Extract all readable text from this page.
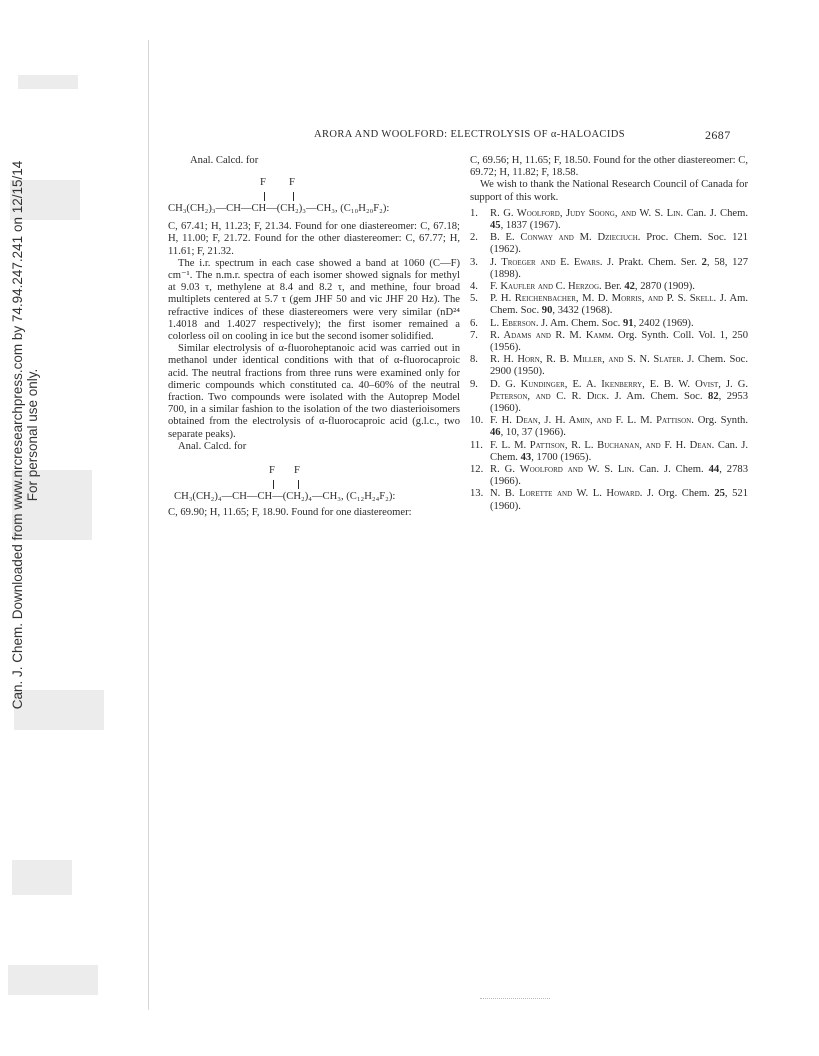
Can. J. Chem. Downloaded from www.nrcresearchpress.com by 74.94.247.241 on 12/15/14 For personal use only.
ARORA AND WOOLFORD: ELECTROLYSIS OF α-HALOACIDS	2687

Anal. Calcd. for

F F
CH₃(CH₂)₃—CH—CH—(CH₂)₃—CH₃, (C₁₀H₂₀F₂):

C, 67.41; H, 11.23; F, 21.34. Found for one diastereomer: C, 67.18; H, 11.00; F, 21.72. Found for the other diastereomer: C, 67.77; H, 11.61; F, 21.32.

The i.r. spectrum in each case showed a band at 1060 (C—F) cm⁻¹. The n.m.r. spectra of each isomer showed signals for methyl at 9.03 τ, methylene at 8.4 and 8.2 τ, and methine, four broad multiplets centered at 5.7 τ (gem JHF 50 and vic JHF 20 Hz). The refractive indices of these diastereomers were very similar (nD²⁴ 1.4018 and 1.4027 respectively); the first isomer remained a colorless oil on cooling in ice but the second isomer solidified.

Similar electrolysis of α-fluoroheptanoic acid was carried out in methanol under identical conditions with that of α-fluorocaproic acid. The neutral fractions from three runs were examined only for dimeric compounds which constituted ca. 40–60% of the neutral fraction. Two compounds were isolated with the Autoprep Model 700, in a similar fashion to the isolation of the two diasterioisomers obtained from the electrolysis of α-fluorocaproic acid (g.l.c., two separate peaks).

Anal. Calcd. for

F F
CH₃(CH₂)₄—CH—CH—(CH₂)₄—CH₃, (C₁₂H₂₄F₂):

C, 69.90; H, 11.65; F, 18.90. Found for one diastereomer:

C, 69.56; H, 11.65; F, 18.50. Found for the other diastereomer: C, 69.72; H, 11.82; F, 18.58.

We wish to thank the National Research Council of Canada for support of this work.

1. R. G. Woolford, Judy Soong, and W. S. Lin. Can. J. Chem. 45, 1837 (1967).
2. B. E. Conway and M. Dzieciuch. Proc. Chem. Soc. 121 (1962).
3. J. Troeger and E. Ewars. J. Prakt. Chem. Ser. 2, 58, 127 (1898).
4. F. Kaufler and C. Herzog. Ber. 42, 2870 (1909).
5. P. H. Reichenbacher, M. D. Morris, and P. S. Skell. J. Am. Chem. Soc. 90, 3432 (1968).
6. L. Eberson. J. Am. Chem. Soc. 91, 2402 (1969).
7. R. Adams and R. M. Kamm. Org. Synth. Coll. Vol. 1, 250 (1956).
8. R. H. Horn, R. B. Miller, and S. N. Slater. J. Chem. Soc. 2900 (1950).
9. D. G. Kundinger, E. A. Ikenberry, E. B. W. Ovist, J. G. Peterson, and C. R. Dick. J. Am. Chem. Soc. 82, 2953 (1960).
10. F. H. Dean, J. H. Amin, and F. L. M. Pattison. Org. Synth. 46, 10, 37 (1966).
11. F. L. M. Pattison, R. L. Buchanan, and F. H. Dean. Can. J. Chem. 43, 1700 (1965).
12. R. G. Woolford and W. S. Lin. Can. J. Chem. 44, 2783 (1966).
13. N. B. Lorette and W. L. Howard. J. Org. Chem. 25, 521 (1960).
